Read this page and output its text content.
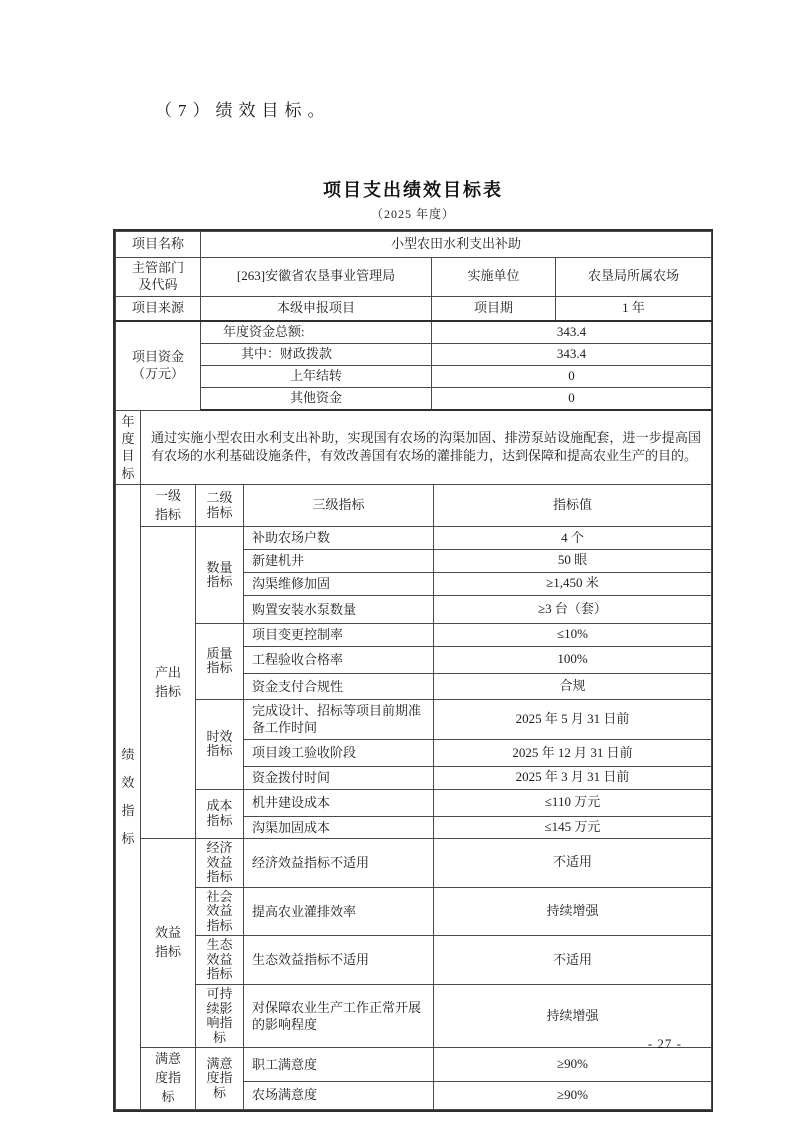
（7）绩效目标。
项目支出绩效目标表
（2025 年度）
项目名称	小型农田水利支出补助		
主管部门及代码	[263]安徽省农垦事业管理局	实施单位	农垦局所属农场
项目来源	本级申报项目	项目期	1 年
项目资金（万元）	年度资金总额:	343.4	
	其中：财政拨款	343.4	
	上年结转	0	
	其他资金	0	
年度目标	通过实施小型农田水利支出补助，实现国有农场的沟渠加固、排涝泵站设施配套，进一步提高国有农场的水利基础设施条件，有效改善国有农场的灌排能力，达到保障和提高农业生产的目的。
绩效指标	一级指标	二级指标	三级指标	指标值
	产出指标	数量指标	补助农场户数	4 个
			新建机井	50 眼
			沟渠维修加固	≥1,450 米
			购置安装水泵数量	≥3 台（套）
		质量指标	项目变更控制率	≤10%
			工程验收合格率	100%
			资金支付合规性	合规
		时效指标	完成设计、招标等项目前期准备工作时间	2025 年 5 月 31 日前
			项目竣工验收阶段	2025 年 12 月 31 日前
			资金拨付时间	2025 年 3 月 31 日前
		成本指标	机井建设成本	≤110 万元
			沟渠加固成本	≤145 万元
	效益指标	经济效益指标	经济效益指标不适用	不适用
		社会效益指标	提高农业灌排效率	持续增强
		生态效益指标	生态效益指标不适用	不适用
		可持续影响指标	对保障农业生产工作正常开展的影响程度	持续增强
	满意度指标	满意度指标	职工满意度	≥90%
			农场满意度	≥90%
- 27 -
